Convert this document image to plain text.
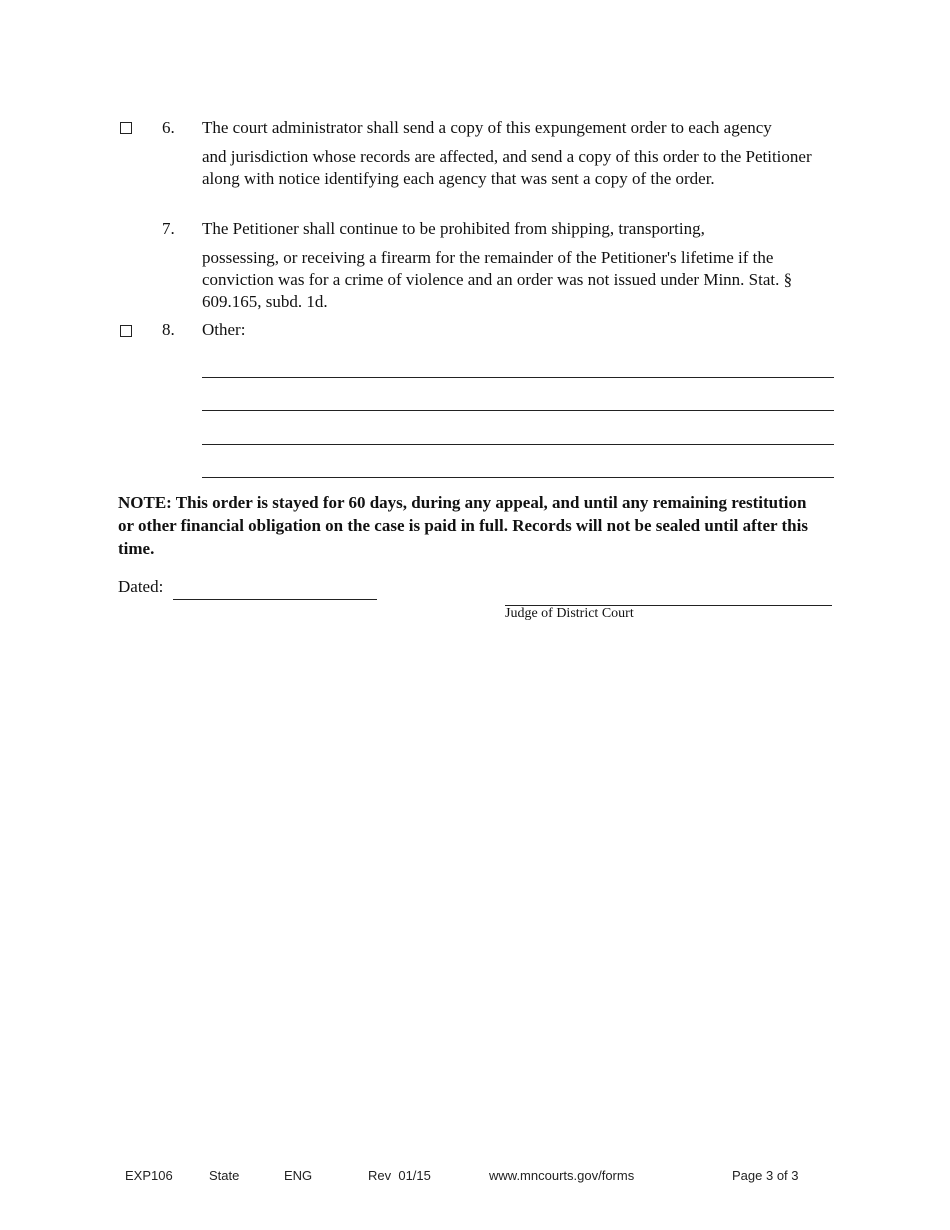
6. The court administrator shall send a copy of this expungement order to each agency
and jurisdiction whose records are affected, and send a copy of this order to the Petitioner along with notice identifying each agency that was sent a copy of the order.
7. The Petitioner shall continue to be prohibited from shipping, transporting,
possessing, or receiving a firearm for the remainder of the Petitioner's lifetime if the conviction was for a crime of violence and an order was not issued under Minn. Stat. § 609.165, subd. 1d.
8. Other:
NOTE: This order is stayed for 60 days, during any appeal, and until any remaining restitution or other financial obligation on the case is paid in full. Records will not be sealed until after this time.
Dated:
Judge of District Court
EXP106	State	ENG	Rev  01/15	www.mncourts.gov/forms	Page 3 of 3
